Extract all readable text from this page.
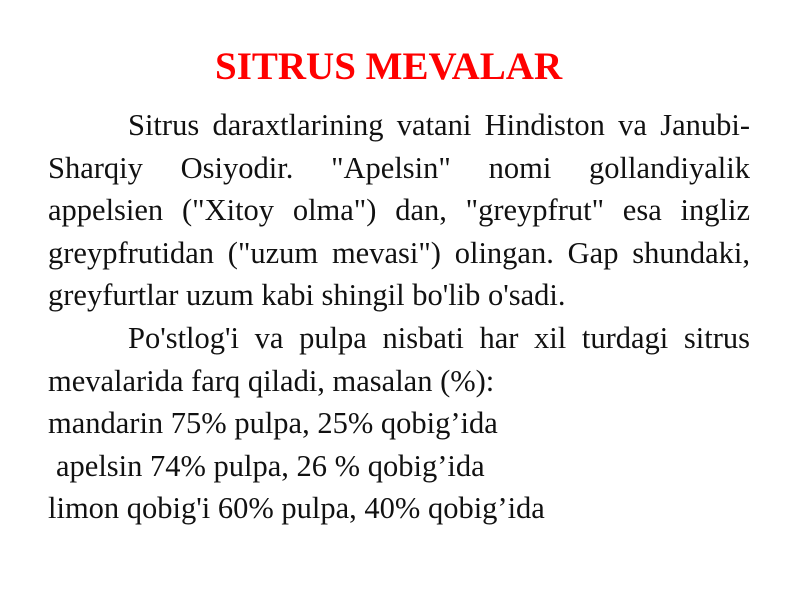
SITRUS MEVALAR

Sitrus daraxtlarining vatani Hindiston va Janubi-Sharqiy Osiyodir. "Apelsin" nomi gollandiyalik appelsien ("Xitoy olma") dan, "greypfrut" esa ingliz greypfrutidan ("uzum mevasi") olingan. Gap shundaki, greyfurtlar uzum kabi shingil bo'lib o'sadi.

Po'stlog'i va pulpa nisbati har xil turdagi sitrus mevalarida farq qiladi, masalan (%):

mandarin 75% pulpa, 25% qobig’ida

apelsin 74% pulpa, 26 % qobig’ida

limon qobig'i 60% pulpa, 40% qobig’ida
